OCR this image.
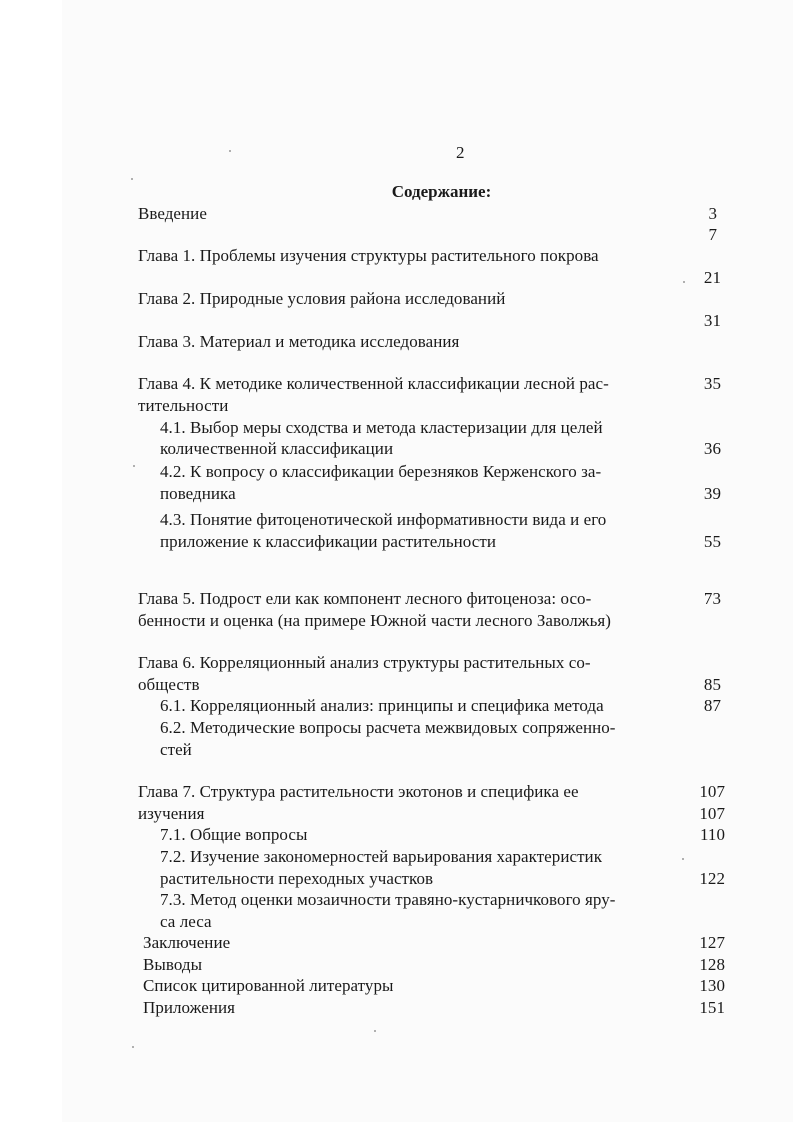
2
Содержание:
Введение
Глава 1. Проблемы изучения структуры растительного покрова
Глава 2. Природные условия района исследований
Глава 3. Материал и методика исследования
Глава 4. К методике количественной классификации лесной рас-
тительности
4.1. Выбор меры сходства и метода кластеризации для целей
количественной классификации
4.2. К вопросу о классификации березняков Керженского за-
поведника
4.3. Понятие фитоценотической информативности вида и его
приложение к классификации растительности
Глава 5. Подрост ели как компонент лесного фитоценоза: осо-
бенности и оценка (на примере Южной части лесного Заволжья)
Глава 6. Корреляционный анализ структуры растительных со-
обществ
6.1. Корреляционный анализ: принципы и специфика метода
6.2. Методические вопросы расчета межвидовых сопряженно-
стей
Глава 7. Структура растительности экотонов и специфика ее
изучения
7.1. Общие вопросы
7.2. Изучение закономерностей варьирования характеристик
растительности переходных участков
7.3. Метод оценки мозаичности травяно-кустарничкового яру-
са леса
Заключение
Выводы
Список цитированной литературы
Приложения
3
7
21
31
35
36
39
55
73
85
87
107
107
110
122
127
128
130
151
